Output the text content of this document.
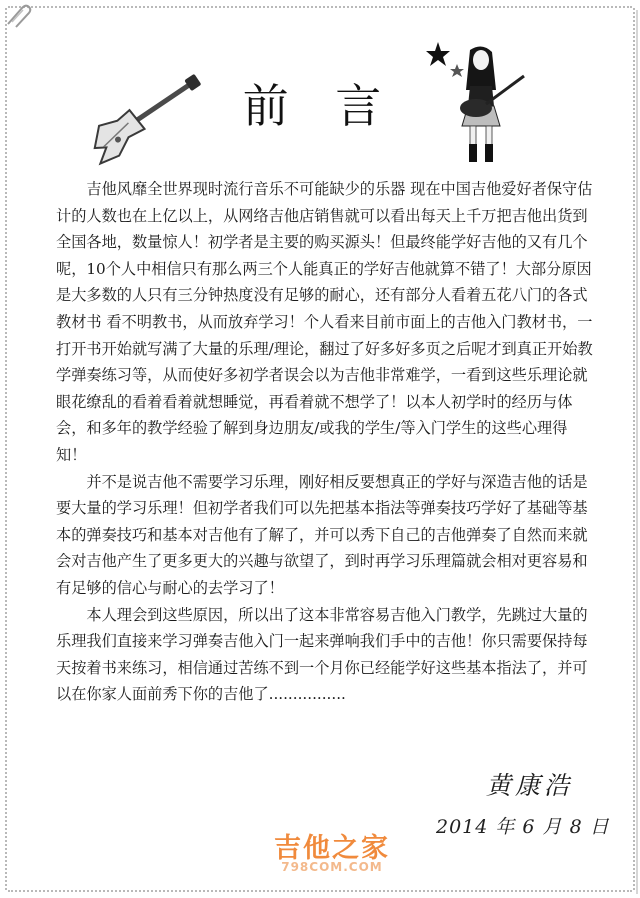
前 言

吉他风靡全世界现时流行音乐不可能缺少的乐器 现在中国吉他爱好者保守估计的人数也在上亿以上，从网络吉他店销售就可以看出每天上千万把吉他出货到全国各地，数量惊人！初学者是主要的购买源头！但最终能学好吉他的又有几个呢，10个人中相信只有那么两三个人能真正的学好吉他就算不错了！大部分原因是大多数的人只有三分钟热度没有足够的耐心，还有部分人看着五花八门的各式教材书 看不明教书，从而放弃学习！个人看来目前市面上的吉他入门教材书，一打开书开始就写满了大量的乐理/理论，翻过了好多好多页之后呢才到真正开始教学弹奏练习等，从而使好多初学者误会以为吉他非常难学，一看到这些乐理论就眼花缭乱的看着看着就想睡觉，再看着就不想学了！以本人初学时的经历与体会，和多年的教学经验了解到身边朋友/或我的学生/等入门学生的这些心理得知！

并不是说吉他不需要学习乐理，刚好相反要想真正的学好与深造吉他的话是要大量的学习乐理！但初学者我们可以先把基本指法等弹奏技巧学好了基础等基本的弹奏技巧和基本对吉他有了解了，并可以秀下自己的吉他弹奏了自然而来就会对吉他产生了更多更大的兴趣与欲望了，到时再学习乐理篇就会相对更容易和有足够的信心与耐心的去学习了！

本人理会到这些原因，所以出了这本非常容易吉他入门教学，先跳过大量的乐理我们直接来学习弹奏吉他入门一起来弹响我们手中的吉他！你只需要保持每天按着书来练习，相信通过苦练不到一个月你已经能学好这些基本指法了，并可以在你家人面前秀下你的吉他了................

黄康浩
2014 年 6 月 8 日
吉他之家
798COM.COM
